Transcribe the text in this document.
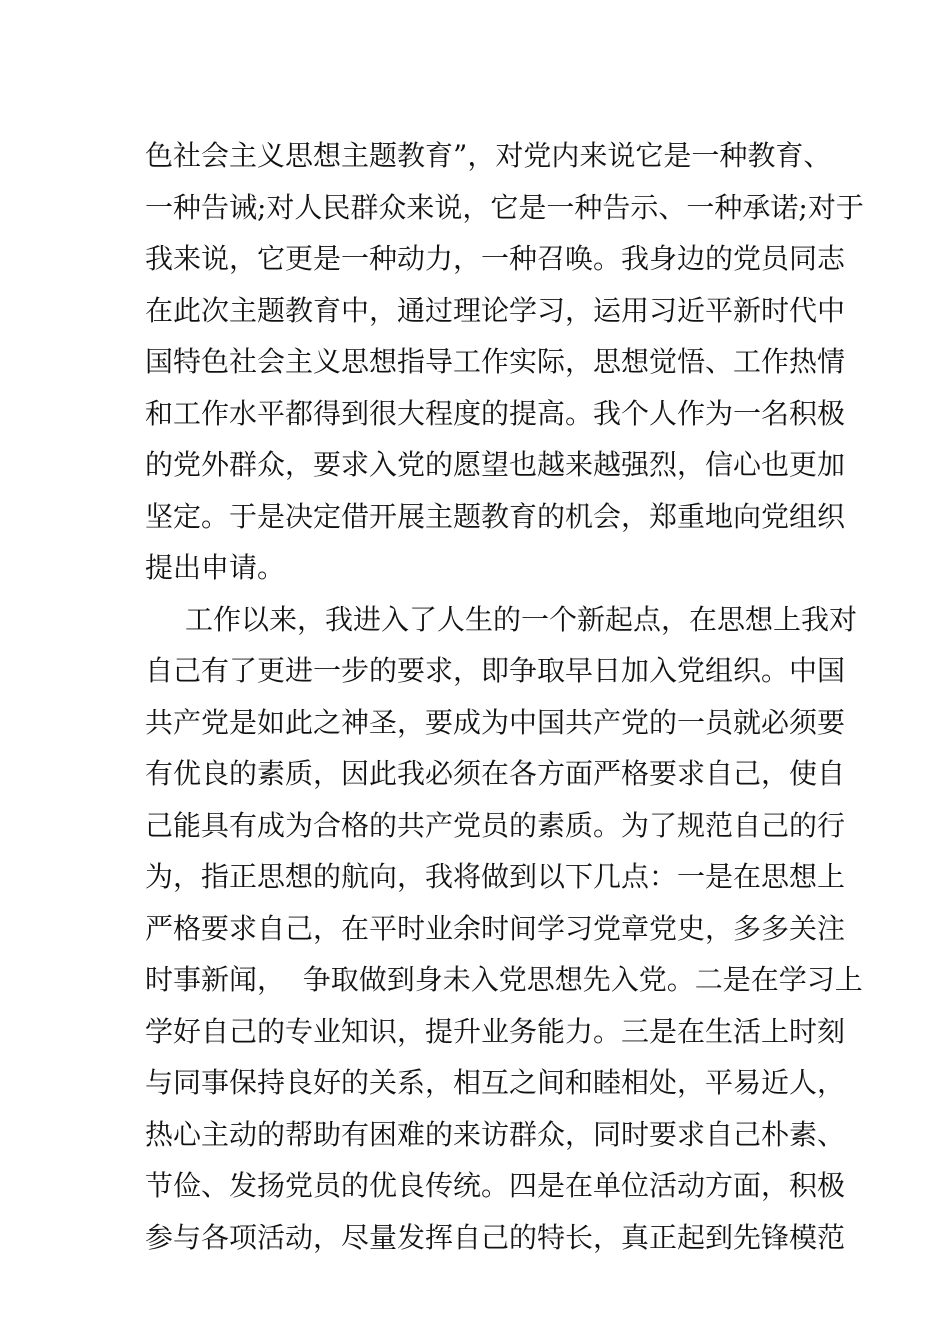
色社会主义思想主题教育”，对党内来说它是一种教育、
一种告诫;对人民群众来说，它是一种告示、一种承诺;对于
我来说，它更是一种动力，一种召唤。我身边的党员同志
在此次主题教育中，通过理论学习，运用习近平新时代中
国特色社会主义思想指导工作实际，思想觉悟、工作热情
和工作水平都得到很大程度的提高。我个人作为一名积极
的党外群众，要求入党的愿望也越来越强烈，信心也更加
坚定。于是决定借开展主题教育的机会，郑重地向党组织
提出申请。
工作以来，我进入了人生的一个新起点，在思想上我对
自己有了更进一步的要求，即争取早日加入党组织。中国
共产党是如此之神圣，要成为中国共产党的一员就必须要
有优良的素质，因此我必须在各方面严格要求自己，使自
己能具有成为合格的共产党员的素质。为了规范自己的行
为，指正思想的航向，我将做到以下几点：一是在思想上
严格要求自己，在平时业余时间学习党章党史，多多关注
时事新闻，  争取做到身未入党思想先入党。二是在学习上
学好自己的专业知识，提升业务能力。三是在生活上时刻
与同事保持良好的关系，相互之间和睦相处，平易近人，
热心主动的帮助有困难的来访群众，同时要求自己朴素、
节俭、发扬党员的优良传统。四是在单位活动方面，积极
参与各项活动，尽量发挥自己的特长，真正起到先锋模范
